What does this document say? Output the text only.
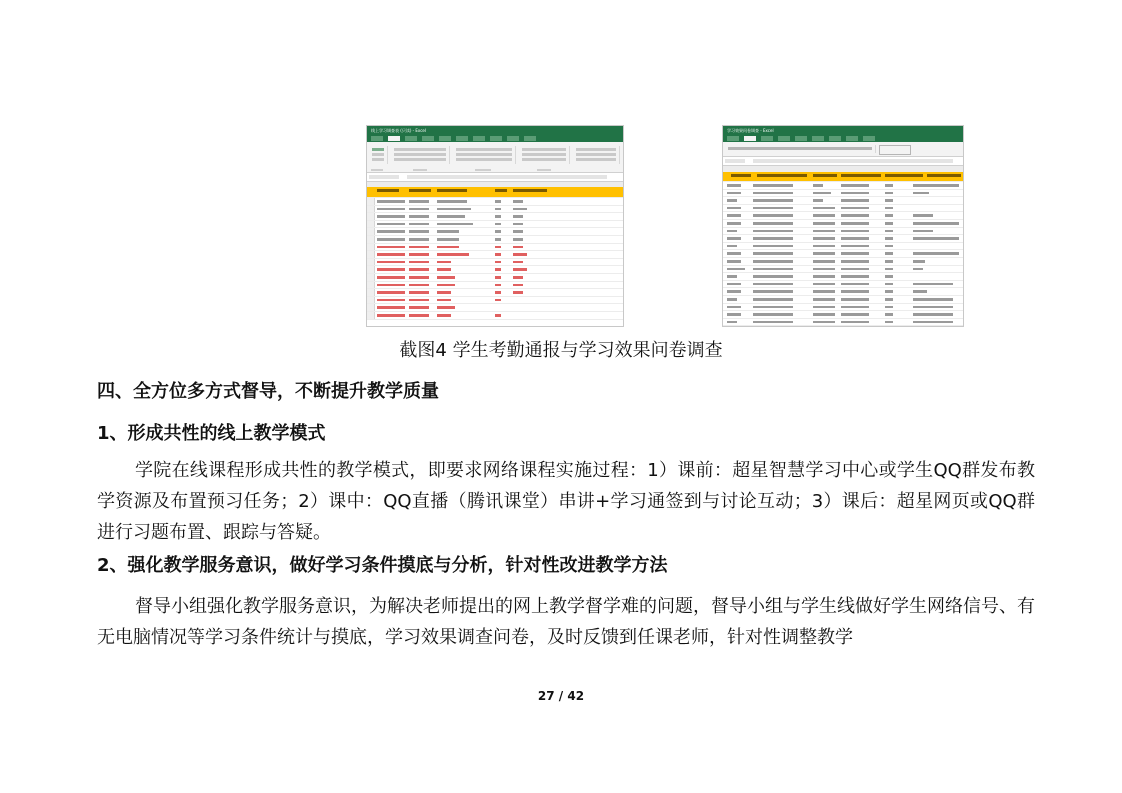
线上学习调查表 (只读) - Excel	学习效果问卷调查 - Excel
截图4 学生考勤通报与学习效果问卷调查
四、全方位多方式督导，不断提升教学质量
1、形成共性的线上教学模式
学院在线课程形成共性的教学模式，即要求网络课程实施过程：1）课前：超星智慧学习中心或学生QQ群发布教学资源及布置预习任务；2）课中：QQ直播（腾讯课堂）串讲+学习通签到与讨论互动；3）课后：超星网页或QQ群进行习题布置、跟踪与答疑。
2、强化教学服务意识，做好学习条件摸底与分析，针对性改进教学方法
督导小组强化教学服务意识，为解决老师提出的网上教学督学难的问题，督导小组与学生线做好学生网络信号、有无电脑情况等学习条件统计与摸底，学习效果调查问卷，及时反馈到任课老师，针对性调整教学
27 / 42
